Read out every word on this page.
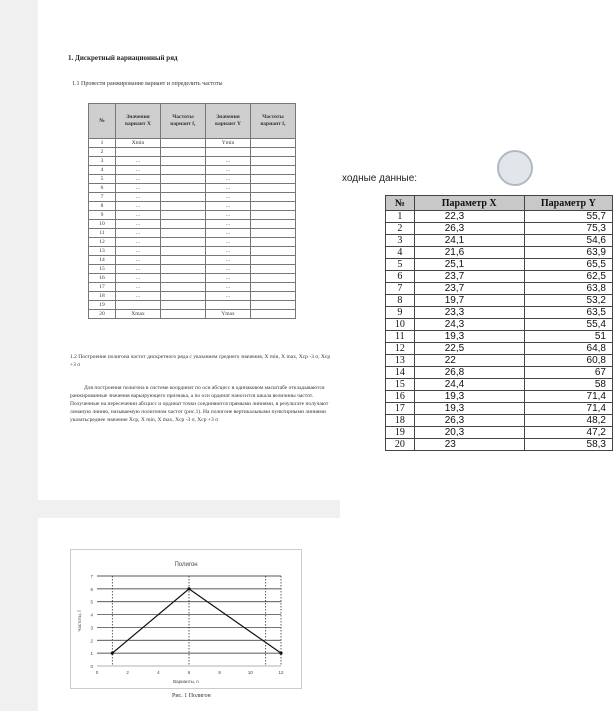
1. Дискретный вариационный ряд
1.1 Провести ранжирование вариант и определить частоты
№	Значения вариант X	Частоты вариант f₁	Значения вариант Y	Частоты вариант fᵧ
1	Xmin		Ymin	
2				
3	...		...	
4	...		...	
5	...		...	
6	...		...	
7	...		...	
8	...		...	
9	...		...	
10	...		...	
11	...		...	
12	...		...	
13	...		...	
14	...		...	
15	...		...	
16	...		...	
17	...		...	
18	...		...	
19				
20	Xmax		Ymax	
1.2 Построение полигона частот дискретного ряда с указанием среднего значения, X min, X max, Xcp -3 σ, Xcp +3 σ
Для построения полигона в системе координат по оси абсцисс в одинаковом масштабе откладываются ранжированные значения варьирующего признака, а по оси ординат наносится шкала величины частот. Полученные на пересечении абсцисс и ординат точки соединяются прямыми линиями, в результате получают ломаную линию, называемую полигоном частот (рис.1). На полигоне вертикальными пунктирными линиями указатьсреднее значение Xcp, X min, X max, Xcp -3 σ, Xcp +3 σ
Полигон
0
1
2
3
4
5
6
7
0	2	4	6	8	10	12
Варианты, n
Частоты, f
Рис. 1 Полигон
ходные данные:
№	Параметр X	Параметр Y
1	22,3	55,7
2	26,3	75,3
3	24,1	54,6
4	21,6	63,9
5	25,1	65,5
6	23,7	62,5
7	23,7	63,8
8	19,7	53,2
9	23,3	63,5
10	24,3	55,4
11	19,3	51
12	22,5	64,8
13	22	60,8
14	26,8	67
15	24,4	58
16	19,3	71,4
17	19,3	71,4
18	26,3	48,2
19	20,3	47,2
20	23	58,3
